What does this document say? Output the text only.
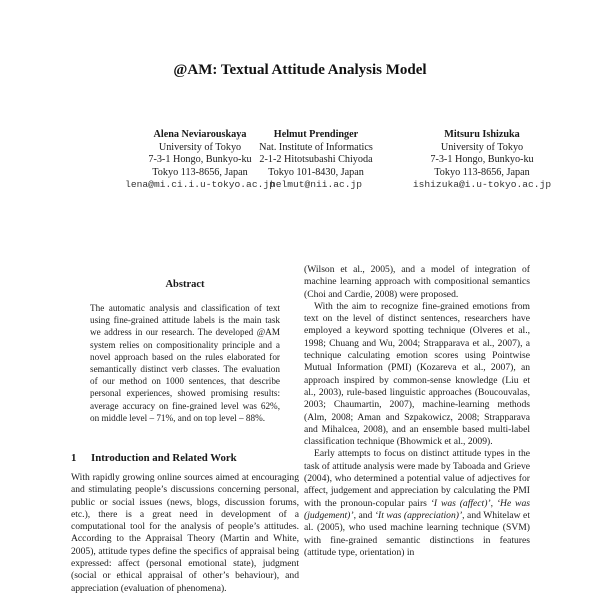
@AM: Textual Attitude Analysis Model
Alena Neviarouskaya
University of Tokyo
7-3-1 Hongo, Bunkyo-ku
Tokyo 113-8656, Japan
lena@mi.ci.i.u-tokyo.ac.jp
Helmut Prendinger
Nat. Institute of Informatics
2-1-2 Hitotsubashi Chiyoda
Tokyo 101-8430, Japan
helmut@nii.ac.jp
Mitsuru Ishizuka
University of Tokyo
7-3-1 Hongo, Bunkyo-ku
Tokyo 113-8656, Japan
ishizuka@i.u-tokyo.ac.jp
Abstract

The automatic analysis and classification of text using fine-grained attitude labels is the main task we address in our research. The developed @AM system relies on compositionality principle and a novel approach based on the rules elaborated for semantically distinct verb classes. The evaluation of our method on 1000 sentences, that describe personal experiences, showed promising results: average accuracy on fine-grained level was 62%, on middle level – 71%, and on top level – 88%.

1 Introduction and Related Work

With rapidly growing online sources aimed at encouraging and stimulating people’s discussions concerning personal, public or social issues (news, blogs, discussion forums, etc.), there is a great need in development of a computational tool for the analysis of people’s attitudes. According to the Appraisal Theory (Martin and White, 2005), attitude types define the specifics of appraisal being expressed: affect (personal emotional state), judgment (social or ethical appraisal of other’s behaviour), and appreciation (evaluation of phenomena).

(Wilson et al., 2005), and a model of integration of machine learning approach with compositional semantics (Choi and Cardie, 2008) were proposed.

With the aim to recognize fine-grained emotions from text on the level of distinct sentences, researchers have employed a keyword spotting technique (Olveres et al., 1998; Chuang and Wu, 2004; Strapparava et al., 2007), a technique calculating emotion scores using Pointwise Mutual Information (PMI) (Kozareva et al., 2007), an approach inspired by common-sense knowledge (Liu et al., 2003), rule-based linguistic approaches (Boucouvalas, 2003; Chaumartin, 2007), machine-learning methods (Alm, 2008; Aman and Szpakowicz, 2008; Strapparava and Mihalcea, 2008), and an ensemble based multi-label classification technique (Bhowmick et al., 2009).

Early attempts to focus on distinct attitude types in the task of attitude analysis were made by Taboada and Grieve (2004), who determined a potential value of adjectives for affect, judgement and appreciation by calculating the PMI with the pronoun-copular pairs ‘I was (affect)’, ‘He was (judgement)’, and ‘It was (appreciation)’, and Whitelaw et al. (2005), who used machine learning technique (SVM) with fine-grained semantic distinctions in features (attitude type, orientation) in
